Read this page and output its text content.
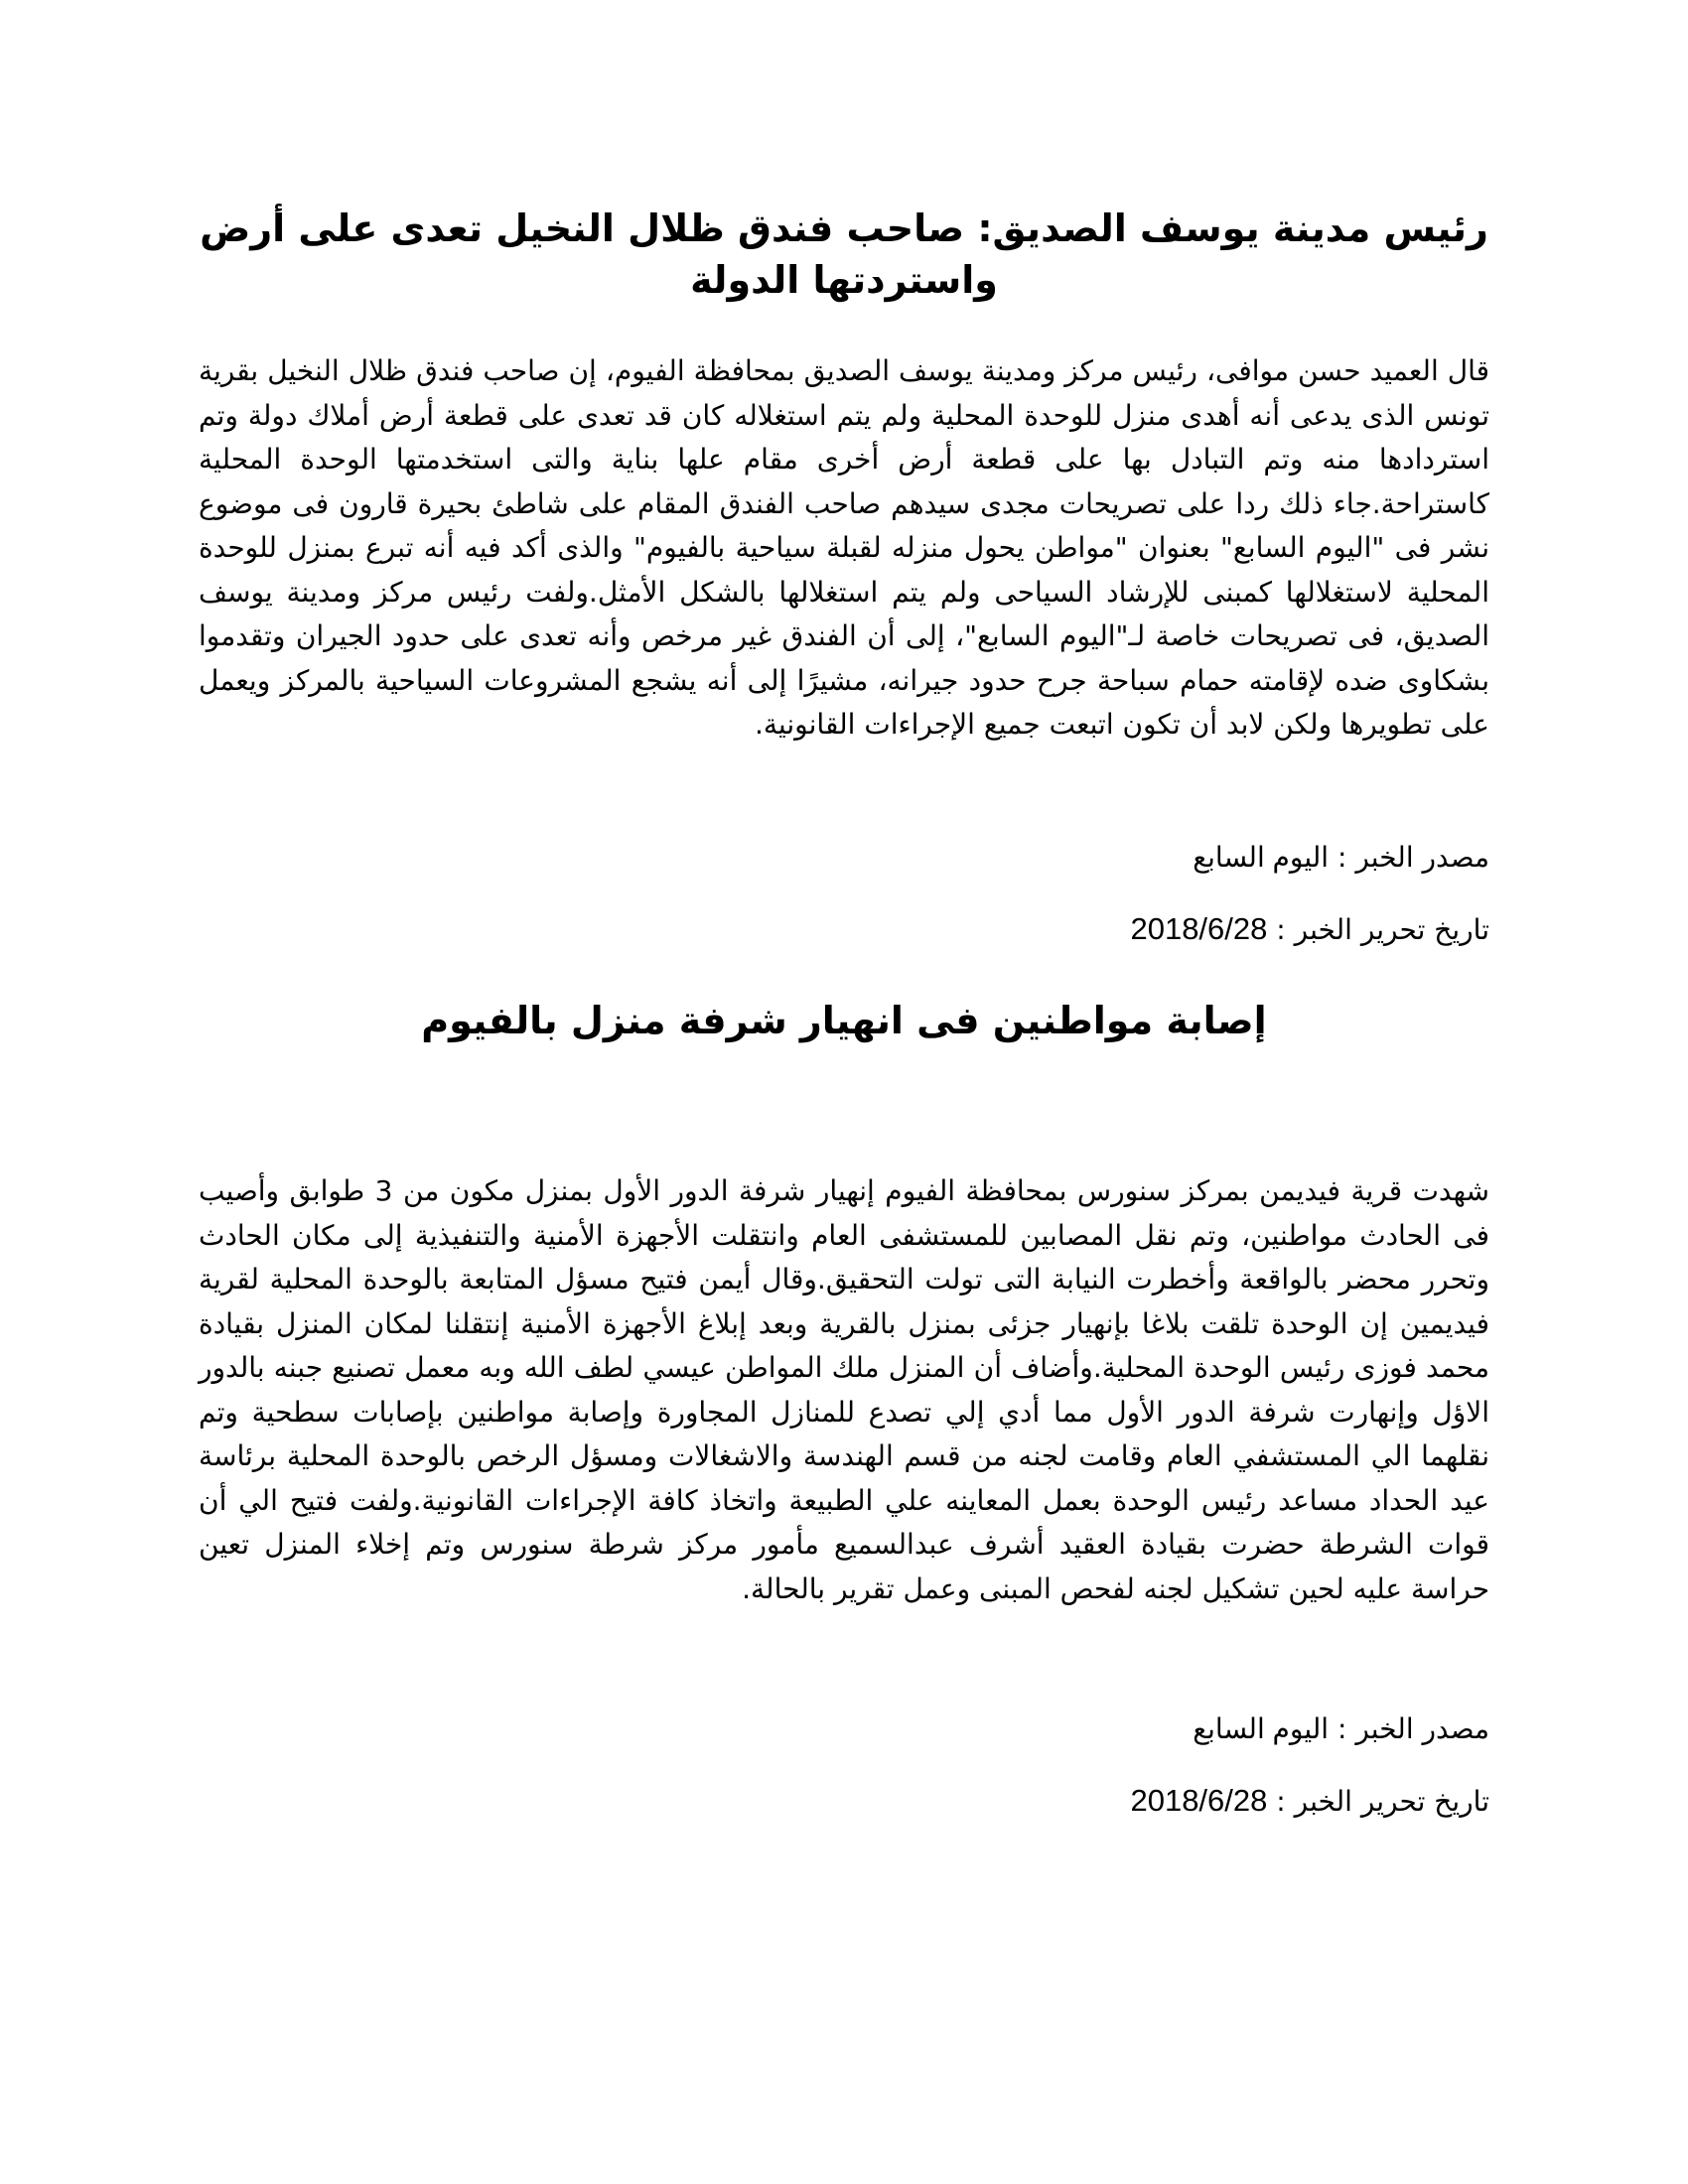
رئيس مدينة يوسف الصديق: صاحب فندق ظلال النخيل تعدى على أرض واستردتها الدولة

قال العميد حسن موافى، رئيس مركز ومدينة يوسف الصديق بمحافظة الفيوم، إن صاحب فندق ظلال النخيل بقرية تونس الذى يدعى أنه أهدى منزل للوحدة المحلية ولم يتم استغلاله كان قد تعدى على قطعة أرض أملاك دولة وتم استردادها منه وتم التبادل بها على قطعة أرض أخرى مقام علها بناية والتى استخدمتها الوحدة المحلية كاستراحة.جاء ذلك ردا على تصريحات مجدى سيدهم صاحب الفندق المقام على شاطئ بحيرة قارون فى موضوع نشر فى "اليوم السابع" بعنوان "مواطن يحول منزله لقبلة سياحية بالفيوم" والذى أكد فيه أنه تبرع بمنزل للوحدة المحلية لاستغلالها كمبنى للإرشاد السياحى ولم يتم استغلالها بالشكل الأمثل.ولفت رئيس مركز ومدينة يوسف الصديق، فى تصريحات خاصة لـ"اليوم السابع"، إلى أن الفندق غير مرخص وأنه تعدى على حدود الجيران وتقدموا بشكاوى ضده لإقامته حمام سباحة جرح حدود جيرانه، مشيرًا إلى أنه يشجع المشروعات السياحية بالمركز ويعمل على تطويرها ولكن لابد أن تكون اتبعت جميع الإجراءات القانونية.

مصدر الخبر : اليوم السابع
تاريخ تحرير الخبر : 2018/6/28
إصابة مواطنين فى انهيار شرفة منزل بالفيوم

شهدت قرية فيديمن بمركز سنورس بمحافظة الفيوم إنهيار شرفة الدور الأول بمنزل مكون من 3 طوابق وأصيب فى الحادث مواطنين، وتم نقل المصابين للمستشفى العام وانتقلت الأجهزة الأمنية والتنفيذية إلى مكان الحادث وتحرر محضر بالواقعة وأخطرت النيابة التى تولت التحقيق.وقال أيمن فتيح مسؤل المتابعة بالوحدة المحلية لقرية فيديمين إن الوحدة تلقت بلاغا بإنهيار جزئى بمنزل بالقرية وبعد إبلاغ الأجهزة الأمنية إنتقلنا لمكان المنزل بقيادة محمد فوزى رئيس الوحدة المحلية.وأضاف أن المنزل ملك المواطن عيسي لطف الله وبه معمل تصنيع جبنه بالدور الاؤل وإنهارت شرفة الدور الأول مما أدي إلي تصدع للمنازل المجاورة وإصابة مواطنين بإصابات سطحية وتم نقلهما الي المستشفي العام وقامت لجنه من قسم الهندسة والاشغالات ومسؤل الرخص بالوحدة المحلية برئاسة عيد الحداد مساعد رئيس الوحدة بعمل المعاينه علي الطبيعة واتخاذ كافة الإجراءات القانونية.ولفت فتيح الي أن قوات الشرطة حضرت بقيادة العقيد أشرف عبدالسميع مأمور مركز شرطة سنورس وتم إخلاء المنزل تعين حراسة عليه لحين تشكيل لجنه لفحص المبنى وعمل تقرير بالحالة.

مصدر الخبر : اليوم السابع
تاريخ تحرير الخبر : 2018/6/28
